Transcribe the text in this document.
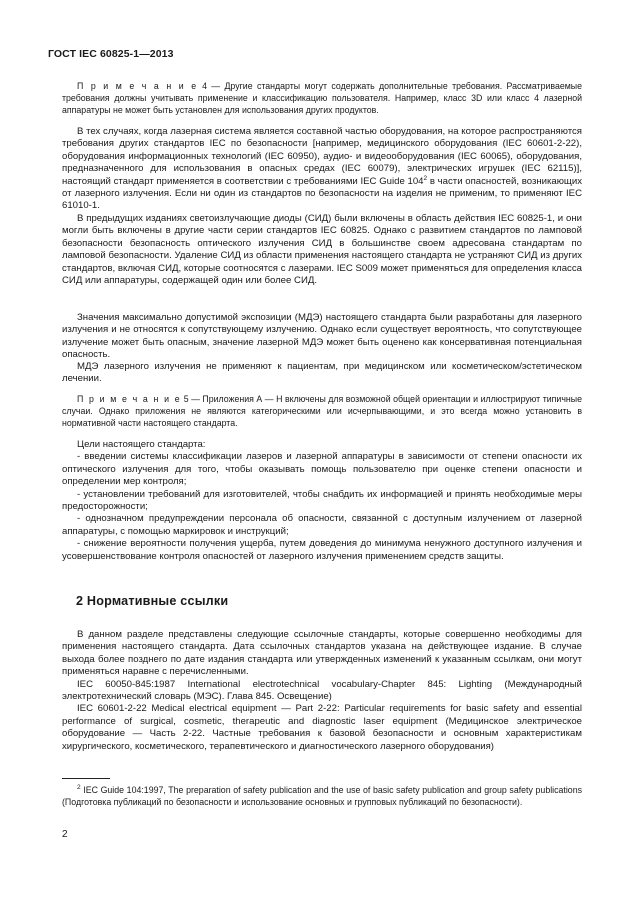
ГОСТ IEC 60825-1—2013

П р и м е ч а н и е 4 — Другие стандарты могут содержать дополнительные требования. Рассматриваемые требования должны учитывать применение и классификацию пользователя. Например, класс 3D или класс 4 лазерной аппаратуры не может быть установлен для использования других продуктов.

В тех случаях, когда лазерная система является составной частью оборудования, на которое распространяются требования других стандартов IEC по безопасности [например, медицинского оборудования (IEC 60601-2-22), оборудования информационных технологий (IEC 60950), аудио- и видеооборудования (IEC 60065), оборудования, предназначенного для использования в опасных средах (IEC 60079), электрических игрушек (IEC 62115)], настоящий стандарт применяется в соответствии с требованиями IEC Guide $104^2$ в части опасностей, возникающих от лазерного излучения. Если ни один из стандартов по безопасности на изделия не применим, то применяют IEC 61010-1.

В предыдущих изданиях светоизлучающие диоды (СИД) были включены в область действия IEC 60825-1, и они могли быть включены в другие части серии стандартов IEC 60825. Однако с развитием стандартов по ламповой безопасности безопасность оптического излучения СИД в большинстве своем адресована стандартам по ламповой безопасности. Удаление СИД из области применения настоящего стандарта не устраняют СИД из других стандартов, включая СИД, которые соотносятся с лазерами. IEC S009 может применяться для определения класса СИД или аппаратуры, содержащей один или более СИД.

Значения максимально допустимой экспозиции (МДЭ) настоящего стандарта были разработаны для лазерного излучения и не относятся к сопутствующему излучению. Однако если существует вероятность, что сопутствующее излучение может быть опасным, значение лазерной МДЭ может быть оценено как консервативная потенциальная опасность.

МДЭ лазерного излучения не применяют к пациентам, при медицинском или косметическом/эстетическом лечении.

П р и м е ч а н и е 5 — Приложения А — Н включены для возможной общей ориентации и иллюстрируют типичные случаи. Однако приложения не являются категорическими или исчерпывающими, и это всегда можно установить в нормативной части настоящего стандарта.

Цели настоящего стандарта:

- введении системы классификации лазеров и лазерной аппаратуры в зависимости от степени опасности их оптического излучения для того, чтобы оказывать помощь пользователю при оценке степени опасности и определении мер контроля;

- установлении требований для изготовителей, чтобы снабдить их информацией и принять необходимые меры предосторожности;

- однозначном предупреждении персонала об опасности, связанной с доступным излучением от лазерной аппаратуры, с помощью маркировок и инструкций;

- снижение вероятности получения ущерба, путем доведения до минимума ненужного доступного излучения и усовершенствование контроля опасностей от лазерного излучения применением средств защиты.

2 Нормативные ссылки

В данном разделе представлены следующие ссылочные стандарты, которые совершенно необходимы для применения настоящего стандарта. Дата ссылочных стандартов указана на действующее издание. В случае выхода более позднего по дате издания стандарта или утвержденных изменений к указанным ссылкам, они могут применяться наравне с перечисленными.

IEC 60050-845:1987 International electrotechnical vocabulary-Chapter 845: Lighting (Международный электротехнический словарь (МЭС). Глава 845. Освещение)

IEC 60601-2-22 Medical electrical equipment — Part 2-22: Particular requirements for basic safety and essential performance of surgical, cosmetic, therapeutic and diagnostic laser equipment (Медицинское электрическое оборудование — Часть 2-22. Частные требования к базовой безопасности и основным характеристикам хирургического, косметического, терапевтического и диагностического лазерного оборудования)

$^2$ IEC Guide 104:1997, The preparation of safety publication and the use of basic safety publication and group safety publications (Подготовка публикаций по безопасности и использование основных и групповых публикаций по безопасности).

2
